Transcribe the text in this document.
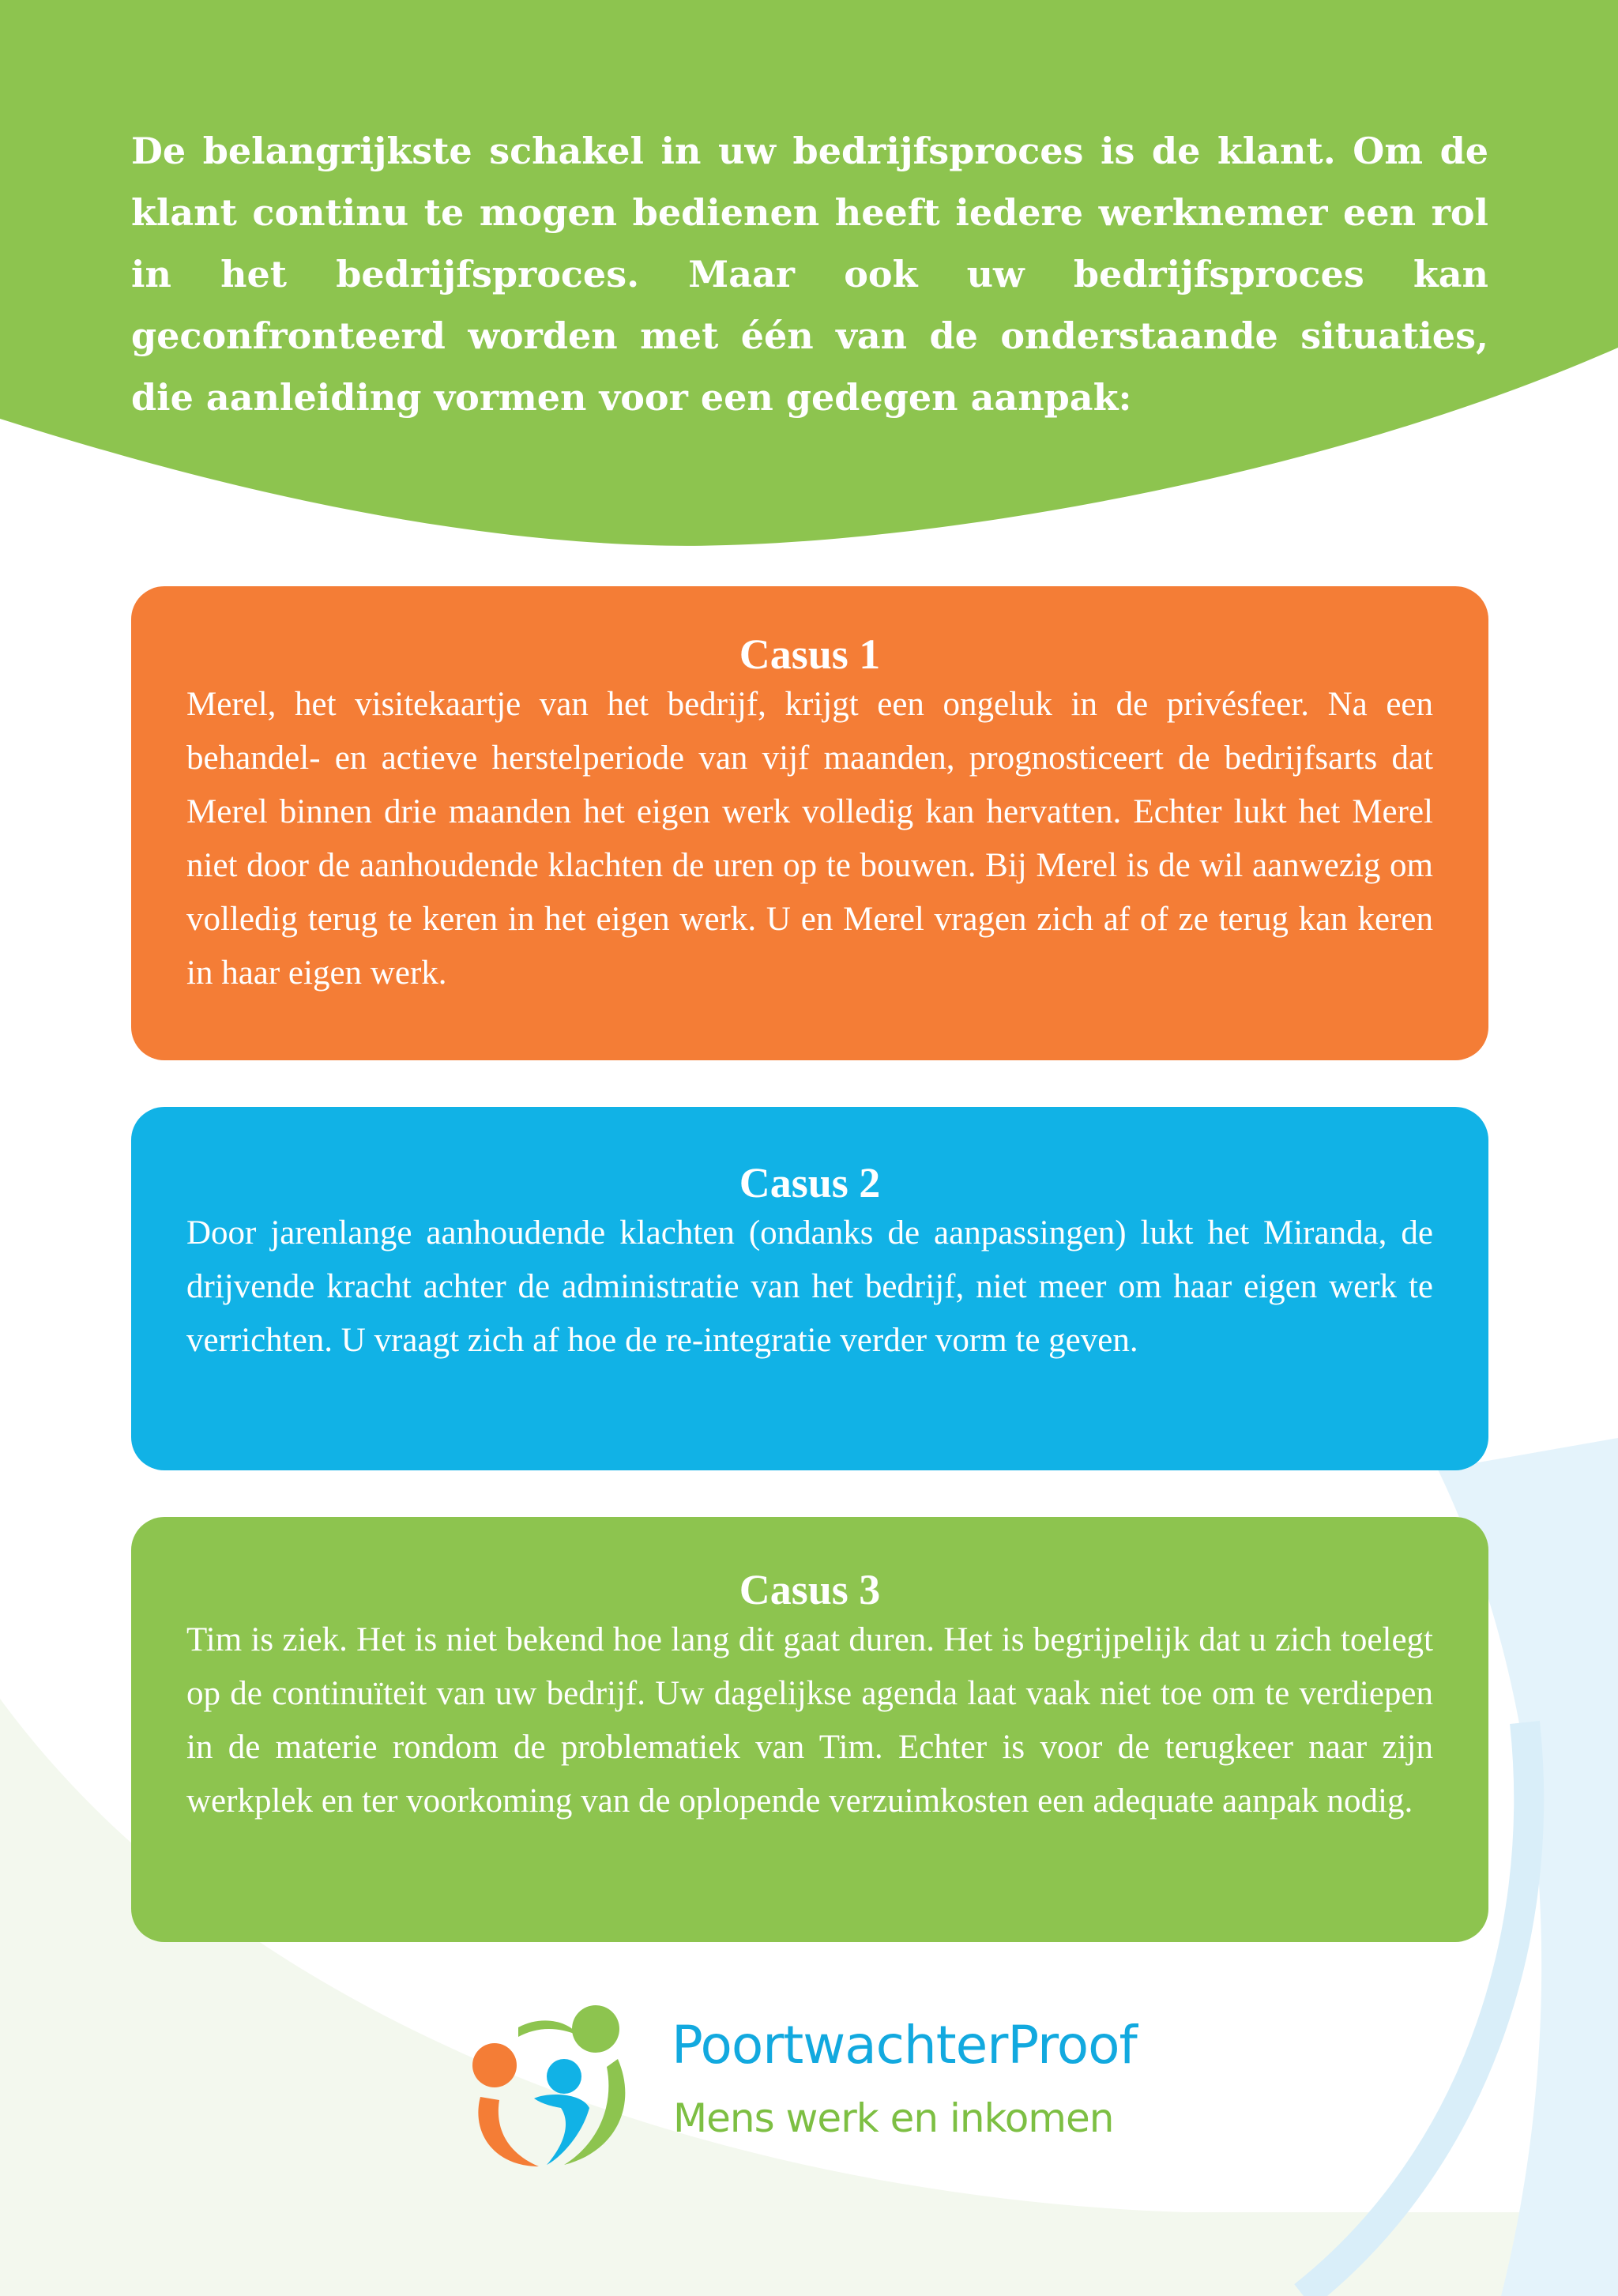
De belangrijkste schakel in uw bedrijfsproces is de klant. Om de klant continu te mogen bedienen heeft iedere werknemer een rol in het bedrijfsproces. Maar ook uw bedrijfsproces kan geconfronteerd worden met één van de onderstaande situaties, die aanleiding vormen voor een gedegen aanpak:

Casus 1

Merel, het visitekaartje van het bedrijf, krijgt een ongeluk in de privésfeer. Na een behandel- en actieve herstelperiode van vijf maanden, prognosticeert de bedrijfsarts dat Merel binnen drie maanden het eigen werk volledig kan hervatten. Echter lukt het Merel niet door de aanhoudende klachten de uren op te bouwen. Bij Merel is de wil aanwezig om volledig terug te keren in het eigen werk. U en Merel vragen zich af of ze terug kan keren in haar eigen werk.

Casus 2

Door jarenlange aanhoudende klachten (ondanks de aanpassingen) lukt het Miranda, de drijvende kracht achter de administratie van het bedrijf, niet meer om haar eigen werk te verrichten. U vraagt zich af hoe de re-integratie verder vorm te geven.

Casus 3

Tim is ziek. Het is niet bekend hoe lang dit gaat duren. Het is begrijpelijk dat u zich toelegt op de continuïteit van uw bedrijf. Uw dagelijkse agenda laat vaak niet toe om te verdiepen in de materie rondom de problematiek van Tim. Echter is voor de terugkeer naar zijn werkplek en ter voorkoming van de oplopende verzuimkosten een adequate aanpak nodig.

PoortwachterProof

Mens werk en inkomen
